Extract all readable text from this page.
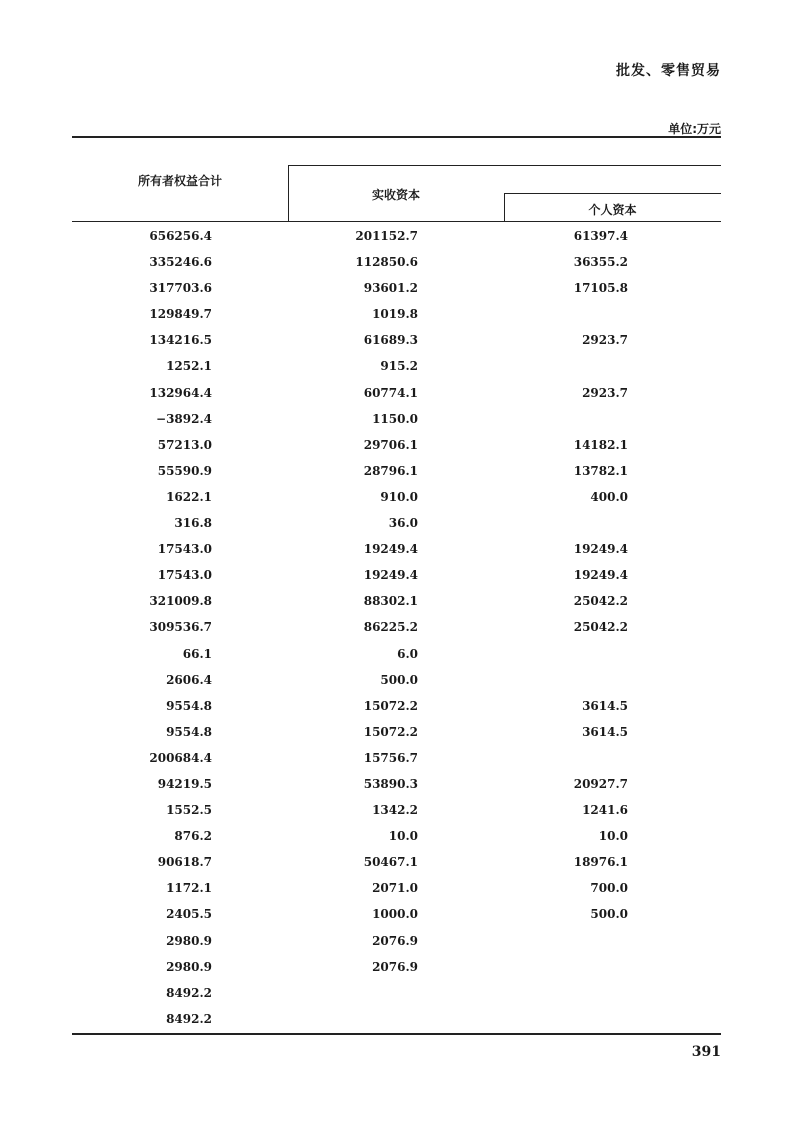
批发、零售贸易
单位:万元
所有者权益合计
实收资本
个人资本
656256.4	201152.7	61397.4
335246.6	112850.6	36355.2
317703.6	93601.2	17105.8
129849.7	1019.8
134216.5	61689.3	2923.7
1252.1	915.2
132964.4	60774.1	2923.7
−3892.4	1150.0
57213.0	29706.1	14182.1
55590.9	28796.1	13782.1
1622.1	910.0	400.0
316.8	36.0
17543.0	19249.4	19249.4
17543.0	19249.4	19249.4
321009.8	88302.1	25042.2
309536.7	86225.2	25042.2
66.1	6.0
2606.4	500.0
9554.8	15072.2	3614.5
9554.8	15072.2	3614.5
200684.4	15756.7
94219.5	53890.3	20927.7
1552.5	1342.2	1241.6
876.2	10.0	10.0
90618.7	50467.1	18976.1
1172.1	2071.0	700.0
2405.5	1000.0	500.0
2980.9	2076.9
2980.9	2076.9
8492.2
8492.2
391
